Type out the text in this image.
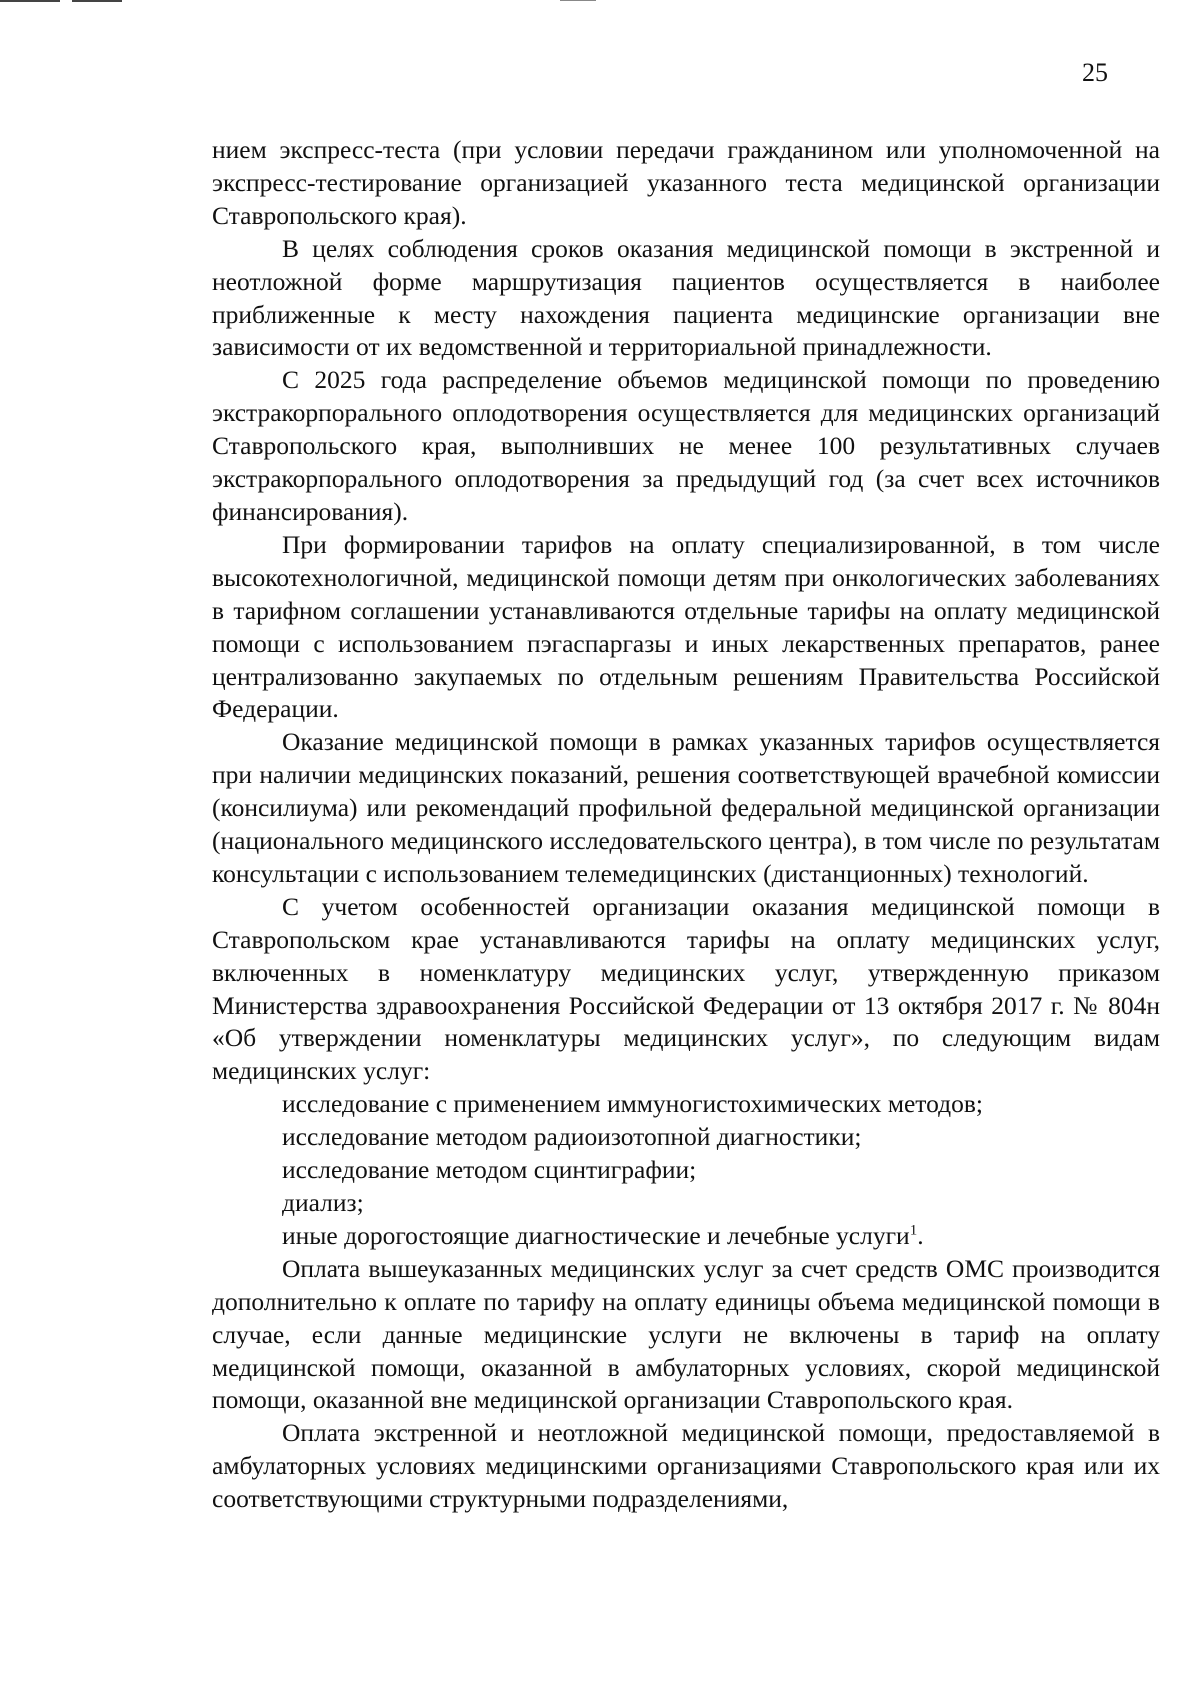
25

нием экспресс-теста (при условии передачи гражданином или уполномоченной на экспресс-тестирование организацией указанного теста медицинской организации Ставропольского края).

В целях соблюдения сроков оказания медицинской помощи в экстренной и неотложной форме маршрутизация пациентов осуществляется в наиболее приближенные к месту нахождения пациента медицинские организации вне зависимости от их ведомственной и территориальной принадлежности.

С 2025 года распределение объемов медицинской помощи по проведению экстракорпорального оплодотворения осуществляется для медицинских организаций Ставропольского края, выполнивших не менее 100 результативных случаев экстракорпорального оплодотворения за предыдущий год (за счет всех источников финансирования).

При формировании тарифов на оплату специализированной, в том числе высокотехнологичной, медицинской помощи детям при онкологических заболеваниях в тарифном соглашении устанавливаются отдельные тарифы на оплату медицинской помощи с использованием пэгаспаргазы и иных лекарственных препаратов, ранее централизованно закупаемых по отдельным решениям Правительства Российской Федерации.

Оказание медицинской помощи в рамках указанных тарифов осуществляется при наличии медицинских показаний, решения соответствующей врачебной комиссии (консилиума) или рекомендаций профильной федеральной медицинской организации (национального медицинского исследовательского центра), в том числе по результатам консультации с использованием телемедицинских (дистанционных) технологий.

С учетом особенностей организации оказания медицинской помощи в Ставропольском крае устанавливаются тарифы на оплату медицинских услуг, включенных в номенклатуру медицинских услуг, утвержденную приказом Министерства здравоохранения Российской Федерации от 13 октября 2017 г. № 804н «Об утверждении номенклатуры медицинских услуг», по следующим видам медицинских услуг:

исследование с применением иммуногистохимических методов;

исследование методом радиоизотопной диагностики;

исследование методом сцинтиграфии;

диализ;

иные дорогостоящие диагностические и лечебные услуги$^1$.

Оплата вышеуказанных медицинских услуг за счет средств ОМС производится дополнительно к оплате по тарифу на оплату единицы объема медицинской помощи в случае, если данные медицинские услуги не включены в тариф на оплату медицинской помощи, оказанной в амбулаторных условиях, скорой медицинской помощи, оказанной вне медицинской организации Ставропольского края.

Оплата экстренной и неотложной медицинской помощи, предоставляемой в амбулаторных условиях медицинскими организациями Ставропольского края или их соответствующими структурными подразделениями,
